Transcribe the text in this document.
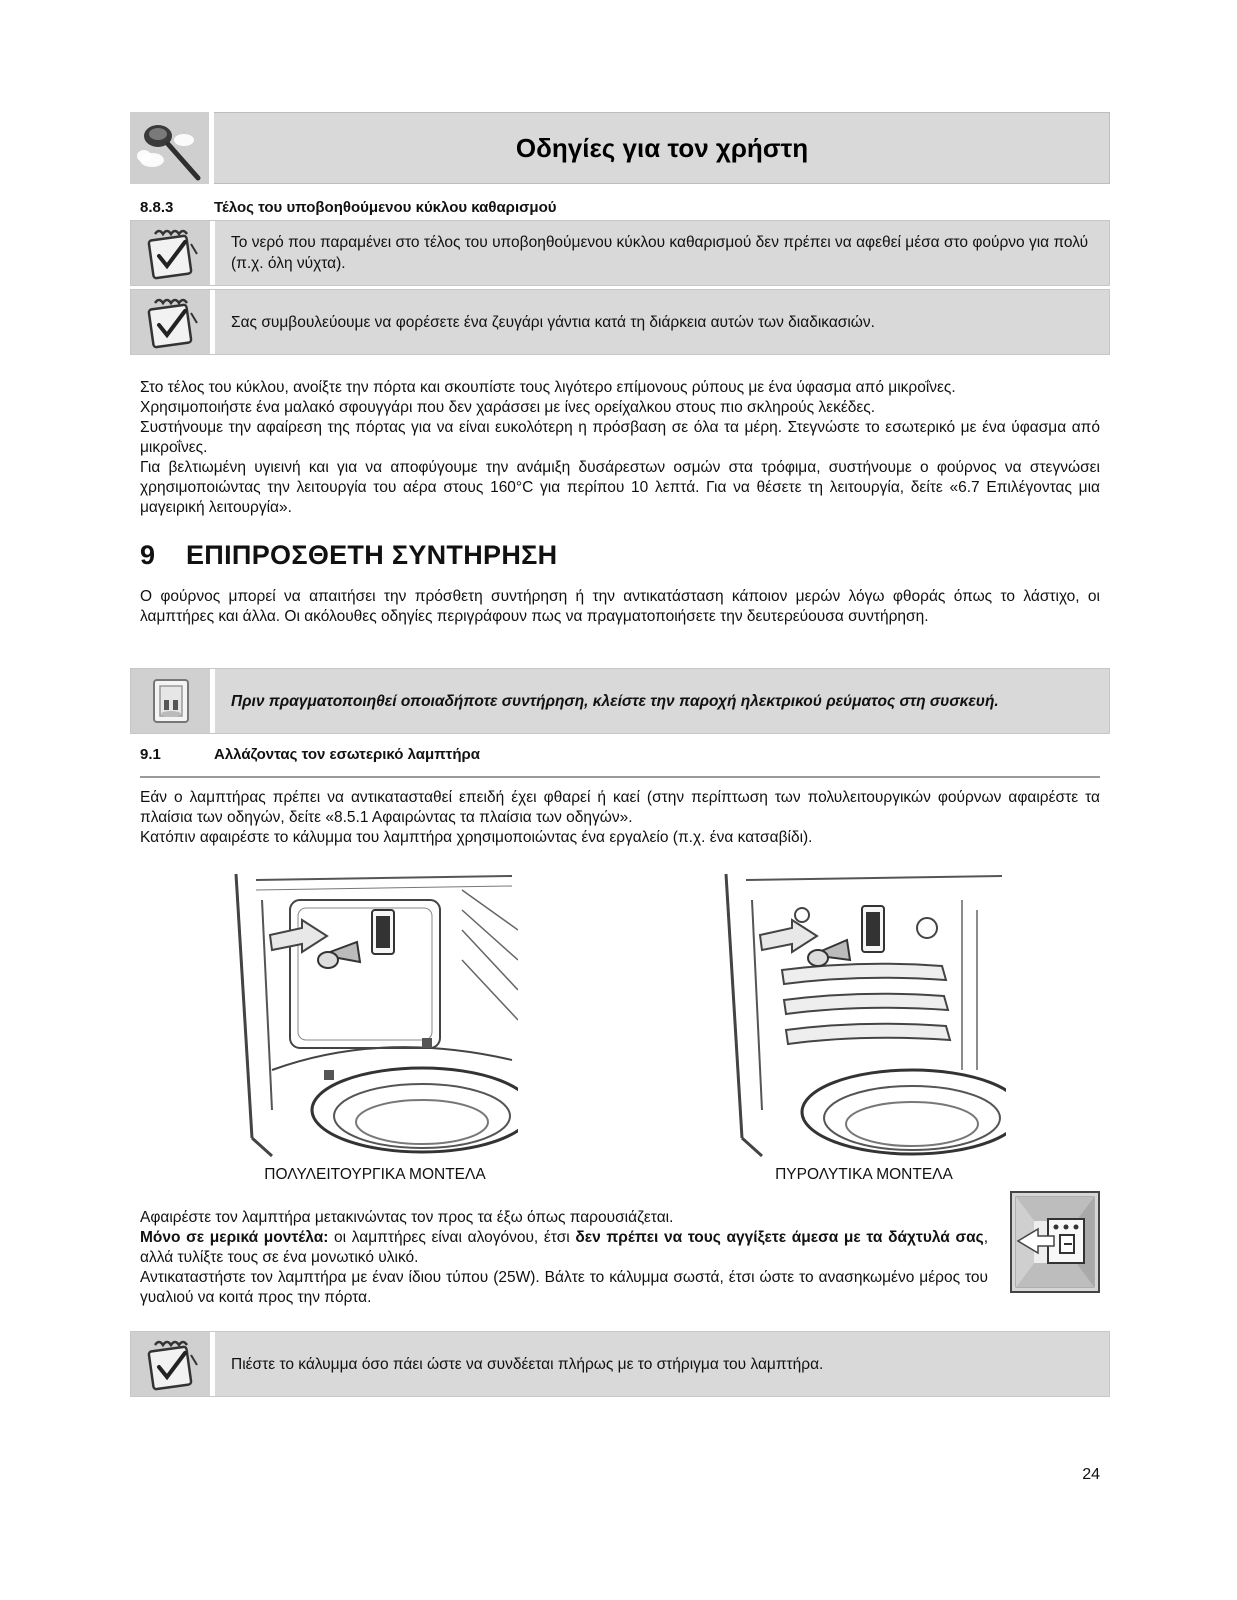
Οδηγίες για τον χρήστη
8.8.3	Τέλος του υποβοηθούμενου κύκλου καθαρισμού
Το νερό που παραμένει στο τέλος του υποβοηθούμενου κύκλου καθαρισμού δεν πρέπει να αφεθεί μέσα στο φούρνο για πολύ (π.χ. όλη νύχτα).
Σας συμβουλεύουμε να φορέσετε ένα ζευγάρι γάντια κατά τη διάρκεια αυτών των διαδικασιών.

Στο τέλος του κύκλου, ανοίξτε την πόρτα και σκουπίστε τους λιγότερο επίμονους ρύπους με ένα ύφασμα από μικροΐνες.

Χρησιμοποιήστε ένα μαλακό σφουγγάρι που δεν χαράσσει με ίνες ορείχαλκου στους πιο σκληρούς λεκέδες.

Συστήνουμε την αφαίρεση της πόρτας για να είναι ευκολότερη η πρόσβαση σε όλα τα μέρη. Στεγνώστε το εσωτερικό με ένα ύφασμα από μικροΐνες.

Για βελτιωμένη υγιεινή και για να αποφύγουμε την ανάμιξη δυσάρεστων οσμών στα τρόφιμα, συστήνουμε ο φούρνος να στεγνώσει χρησιμοποιώντας την λειτουργία του αέρα στους 160°C για περίπου 10 λεπτά. Για να θέσετε τη λειτουργία, δείτε «6.7 Επιλέγοντας μια μαγειρική λειτουργία».

9 ΕΠΙΠΡΟΣΘΕΤΗ ΣΥΝΤΗΡΗΣΗ
Ο φούρνος μπορεί να απαιτήσει την πρόσθετη συντήρηση ή την αντικατάσταση κάποιον μερών λόγω φθοράς όπως το λάστιχο, οι λαμπτήρες και άλλα. Οι ακόλουθες οδηγίες περιγράφουν πως να πραγματοποιήσετε την δευτερεύουσα συντήρηση.
Πριν πραγματοποιηθεί οποιαδήποτε συντήρηση, κλείστε την παροχή ηλεκτρικού ρεύματος στη συσκευή.
9.1	Αλλάζοντας τον εσωτερικό λαμπτήρα

Εάν ο λαμπτήρας πρέπει να αντικατασταθεί επειδή έχει φθαρεί ή καεί (στην περίπτωση των πολυλειτουργικών φούρνων αφαιρέστε τα πλαίσια των οδηγών, δείτε «8.5.1 Αφαιρώντας τα πλαίσια των οδηγών».

Κατόπιν αφαιρέστε το κάλυμμα του λαμπτήρα χρησιμοποιώντας ένα εργαλείο (π.χ. ένα κατσαβίδι).

ΠΟΛΥΛΕΙΤΟΥΡΓΙΚΑ ΜΟΝΤΕΛΑ	ΠΥΡΟΛΥΤΙΚΑ ΜΟΝΤΕΛΑ

Αφαιρέστε τον λαμπτήρα μετακινώντας τον προς τα έξω όπως παρουσιάζεται.

Μόνο σε μερικά μοντέλα: οι λαμπτήρες είναι αλογόνου, έτσι δεν πρέπει να τους αγγίξετε άμεσα με τα δάχτυλά σας, αλλά τυλίξτε τους σε ένα μονωτικό υλικό.

Αντικαταστήστε τον λαμπτήρα με έναν ίδιου τύπου (25W). Βάλτε το κάλυμμα σωστά, έτσι ώστε το ανασηκωμένο μέρος του γυαλιού να κοιτά προς την πόρτα.

Πιέστε το κάλυμμα όσο πάει ώστε να συνδέεται πλήρως με το στήριγμα του λαμπτήρα.
24
